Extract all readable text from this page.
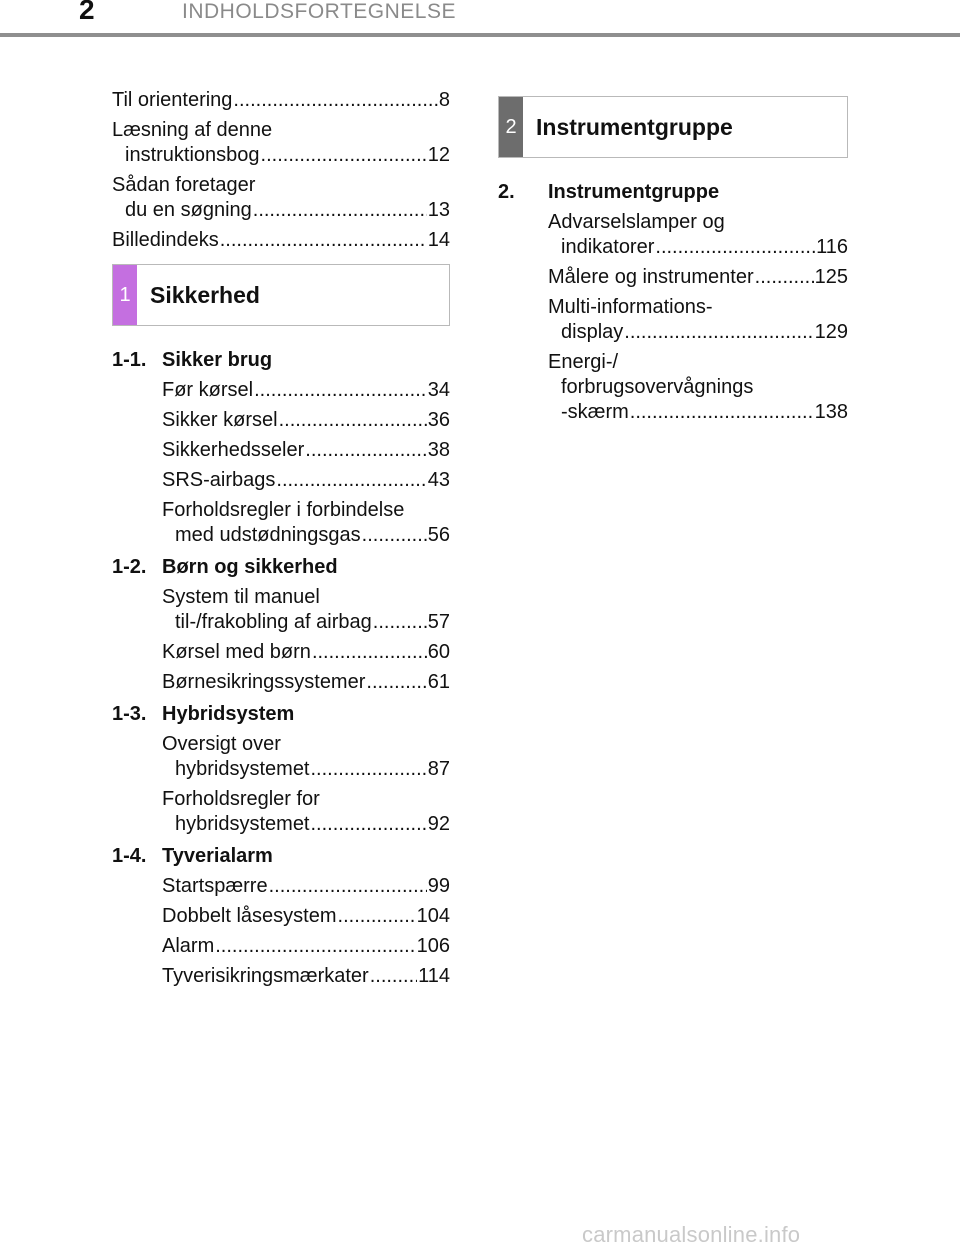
2	INDHOLDSFORTEGNELSE
Til orientering .....	8
Læsning af denne
instruktionsbog .....	12
Sådan foretager
du en søgning .....	13
Billedindeks .....	14
1 Sikkerhed
1-1. Sikker brug
Før kørsel .....	34
Sikker kørsel .....	36
Sikkerhedsseler .....	38
SRS-airbags .....	43
Forholdsregler i forbindelse
med udstødningsgas .....	56
1-2. Børn og sikkerhed
System til manuel
til-/frakobling af airbag .....	57
Kørsel med børn .....	60
Børnesikringssystemer .....	61
1-3. Hybridsystem
Oversigt over
hybridsystemet .....	87
Forholdsregler for
hybridsystemet .....	92
1-4. Tyverialarm
Startspærre .....	99
Dobbelt låsesystem .....	104
Alarm .....	106
Tyverisikringsmærkater ..... 114
2 Instrumentgruppe
2.	Instrumentgruppe
Advarselslamper og
indikatorer .....	116
Målere og instrumenter .....	125
Multi-informations-
display .....	129
Energi-/
forbrugsovervågnings
-skærm .....	138
carmanualsonline.info
